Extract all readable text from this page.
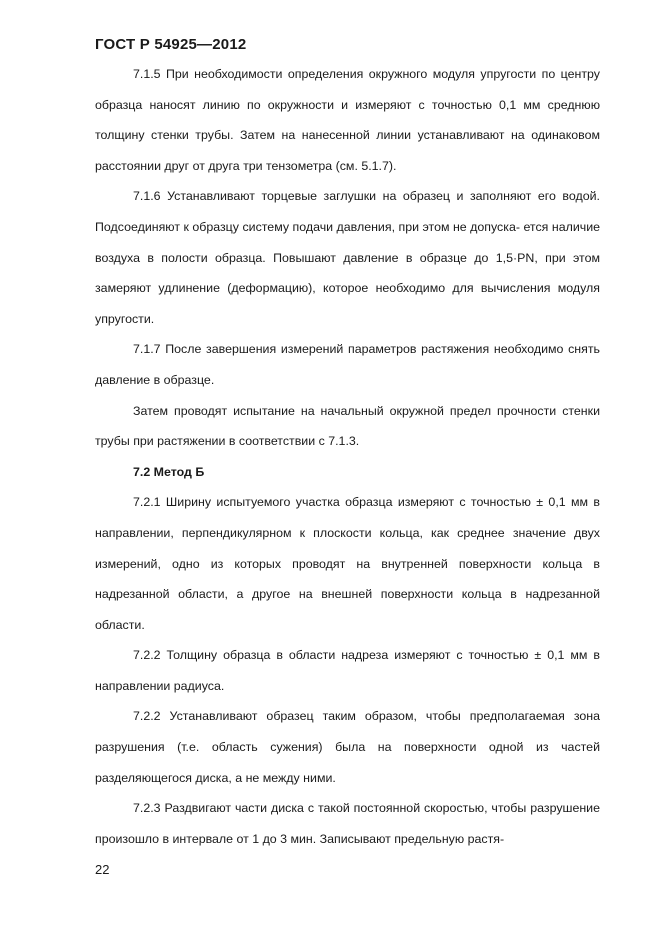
ГОСТ Р 54925—2012

7.1.5 При необходимости определения окружного модуля упругости по центру образца наносят линию по окружности и измеряют с точностью 0,1 мм среднюю толщину стенки трубы. Затем на нанесенной линии устанавливают на одинаковом расстоянии друг от друга три тензометра (см. 5.1.7).

7.1.6 Устанавливают торцевые заглушки на образец и заполняют его водой. Подсоединяют к образцу систему подачи давления, при этом не допуска- ется наличие воздуха в полости образца. Повышают давление в образце до 1,5·PN, при этом замеряют удлинение (деформацию), которое необходимо для вычисления модуля упругости.

7.1.7 После завершения измерений параметров растяжения необходимо снять давление в образце.

Затем проводят испытание на начальный окружной предел прочности стенки трубы при растяжении в соответствии с 7.1.3.

7.2 Метод Б

7.2.1 Ширину испытуемого участка образца измеряют с точностью ± 0,1 мм в направлении, перпендикулярном к плоскости кольца, как среднее значение двух измерений, одно из которых проводят на внутренней поверхности кольца в надрезанной области, а другое на внешней поверхности кольца в надрезанной области.

7.2.2 Толщину образца в области надреза измеряют с точностью ± 0,1 мм в направлении радиуса.

7.2.2 Устанавливают образец таким образом, чтобы предполагаемая зона разрушения (т.е. область сужения) была на поверхности одной из частей разделяющегося диска, а не между ними.

7.2.3 Раздвигают части диска с такой постоянной скоростью, чтобы разрушение произошло в интервале от 1 до 3 мин. Записывают предельную растя-

22
